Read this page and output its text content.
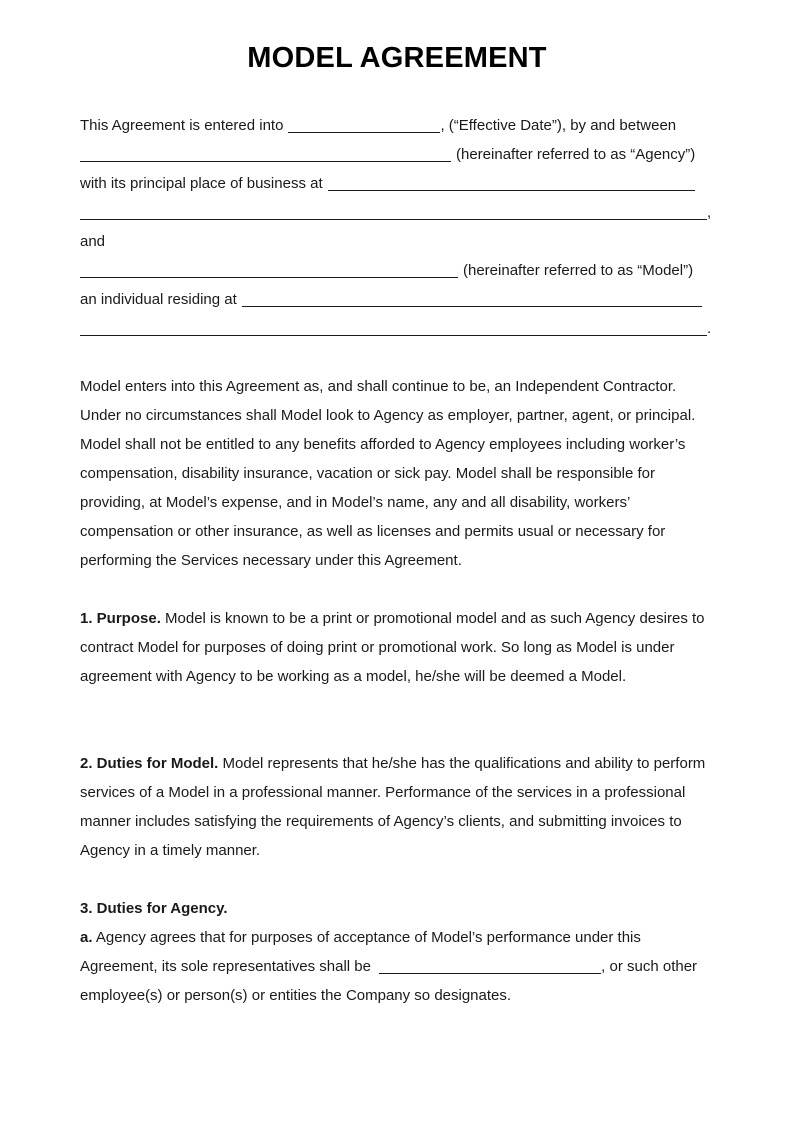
MODEL AGREEMENT
This Agreement is entered into	, (“Effective Date”), by and between
(hereinafter referred to as “Agency”)
with its principal place of business at
,
and
(hereinafter referred to as “Model”)
an individual residing at
.

Model enters into this Agreement as, and shall continue to be, an Independent Contractor. Under no circumstances shall Model look to Agency as employer, partner, agent, or principal. Model shall not be entitled to any benefits afforded to Agency employees including worker’s compensation, disability insurance, vacation or sick pay. Model shall be responsible for providing, at Model’s expense, and in Model’s name, any and all disability, workers’ compensation or other insurance, as well as licenses and permits usual or necessary for performing the Services necessary under this Agreement.

1. Purpose. Model is known to be a print or promotional model and as such Agency desires to contract Model for purposes of doing print or promotional work. So long as Model is under agreement with Agency to be working as a model, he/she will be deemed a Model.

2. Duties for Model. Model represents that he/she has the qualifications and ability to perform services of a Model in a professional manner. Performance of the services in a professional manner includes satisfying the requirements of Agency’s clients, and submitting invoices to Agency in a timely manner.

3. Duties for Agency.
a. Agency agrees that for purposes of acceptance of Model’s performance under this Agreement, its sole representatives shall be	, or such other employee(s) or person(s) or entities the Company so designates.
